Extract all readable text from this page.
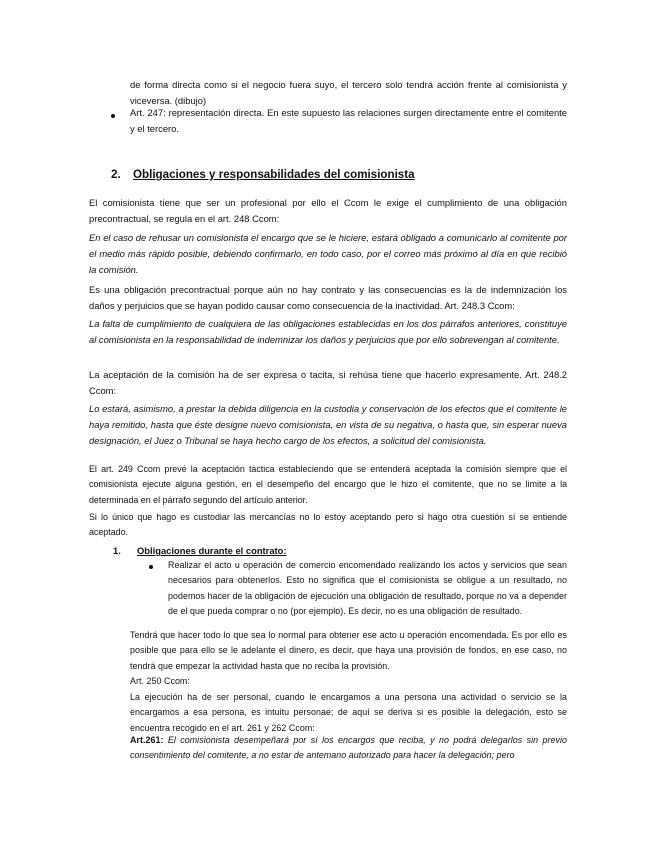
de forma directa como si el negocio fuera suyo, el tercero solo tendrá acción frente al comisionista y viceversa. (dibujo)

Art. 247: representación directa. En este supuesto las relaciones surgen directamente entre el comitente y el tercero.

2. Obligaciones y responsabilidades del comisionista

El comisionista tiene que ser un profesional por ello el Ccom le exige el cumplimiento de una obligación precontractual, se regula en el art. 248 Ccom:

En el caso de rehusar un comisionista el encargo que se le hiciere, estará obligado a comunicarlo al comitente por el medio más rápido posible, debiendo confirmarlo, en todo caso, por el correo más próximo al día en que recibió la comisión.

Es una obligación precontractual porque aún no hay contrato y las consecuencias es la de indemnización los daños y perjuicios que se hayan podido causar como consecuencia de la inactividad. Art. 248.3 Ccom:

La falta de cumplimiento de cualquiera de las obligaciones establecidas en los dos párrafos anteriores, constituye al comisionista en la responsabilidad de indemnizar los daños y perjuicios que por ello sobrevengan al comitente.

La aceptación de la comisión ha de ser expresa o tacita, si rehúsa tiene que hacerlo expresamente. Art. 248.2 Ccom:

Lo estará, asimismo, a prestar la debida diligencia en la custodia y conservación de los efectos que el comitente le haya remitido, hasta que éste designe nuevo comisionista, en vista de su negativa, o hasta que, sin esperar nueva designación, el Juez o Tribunal se haya hecho cargo de los efectos, a solicitud del comisionista.

El art. 249 Ccom prevé la aceptación táctica estableciendo que se entenderá aceptada la comisión siempre que el comisionista ejecute alguna gestión, en el desempeño del encargo que le hizo el comitente, que no se limite a la determinada en el párrafo segundo del artículo anterior.

Si lo único que hago es custodiar las mercancías no lo estoy aceptando pero si hago otra cuestión sí se entiende aceptado.

1. Obligaciones durante el contrato:

Realizar el acto u operación de comercio encomendado realizando los actos y servicios que sean necesarios para obtenerlos. Esto no significa que el comisionista se obligue a un resultado, no podemos hacer de la obligación de ejecución una obligación de resultado, porque no va a depender de el que pueda comprar o no (por ejemplo). Es decir, no es una obligación de resultado.

Tendrá que hacer todo lo que sea lo normal para obtener ese acto u operación encomendada. Es por ello es posible que para ello se le adelante el dinero, es decir, que haya una provisión de fondos, en ese caso, no tendrá que empezar la actividad hasta que no reciba la provisión.

Art. 250 Ccom:

La ejecución ha de ser personal, cuando le encargamos a una persona una actividad o servicio se la encargamos a esa persona, es intuitu personae; de aquí se deriva si es posible la delegación, esto se encuentra recogido en el art. 261 y 262 Ccom:

Art.261: El comisionista desempeñará por sí los encargos que reciba, y no podrá delegarlos sin previo consentimiento del comitente, a no estar de antemano autorizado para hacer la delegación; pero
